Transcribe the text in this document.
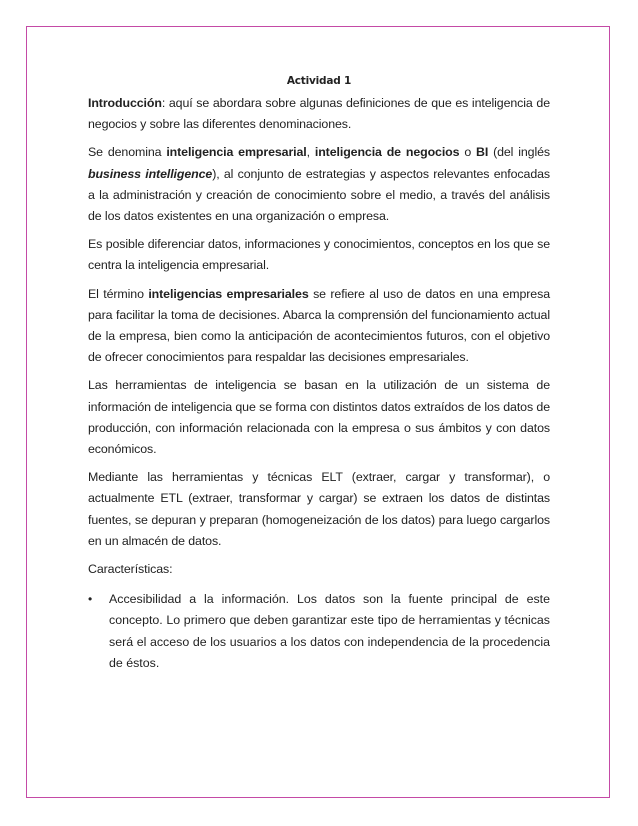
Actividad 1

Introducción: aquí se abordara sobre algunas definiciones de que es inteligencia de negocios y sobre las diferentes denominaciones.

Se denomina inteligencia empresarial, inteligencia de negocios o BI (del inglés business intelligence), al conjunto de estrategias y aspectos relevantes enfocadas a la administración y creación de conocimiento sobre el medio, a través del análisis de los datos existentes en una organización o empresa.

Es posible diferenciar datos, informaciones y conocimientos, conceptos en los que se centra la inteligencia empresarial.

El término inteligencias empresariales se refiere al uso de datos en una empresa para facilitar la toma de decisiones. Abarca la comprensión del funcionamiento actual de la empresa, bien como la anticipación de acontecimientos futuros, con el objetivo de ofrecer conocimientos para respaldar las decisiones empresariales.

Las herramientas de inteligencia se basan en la utilización de un sistema de información de inteligencia que se forma con distintos datos extraídos de los datos de producción, con información relacionada con la empresa o sus ámbitos y con datos económicos.

Mediante las herramientas y técnicas ELT (extraer, cargar y transformar), o actualmente ETL (extraer, transformar y cargar) se extraen los datos de distintas fuentes, se depuran y preparan (homogeneización de los datos) para luego cargarlos en un almacén de datos.

Características:

• Accesibilidad a la información. Los datos son la fuente principal de este concepto. Lo primero que deben garantizar este tipo de herramientas y técnicas será el acceso de los usuarios a los datos con independencia de la procedencia de éstos.
